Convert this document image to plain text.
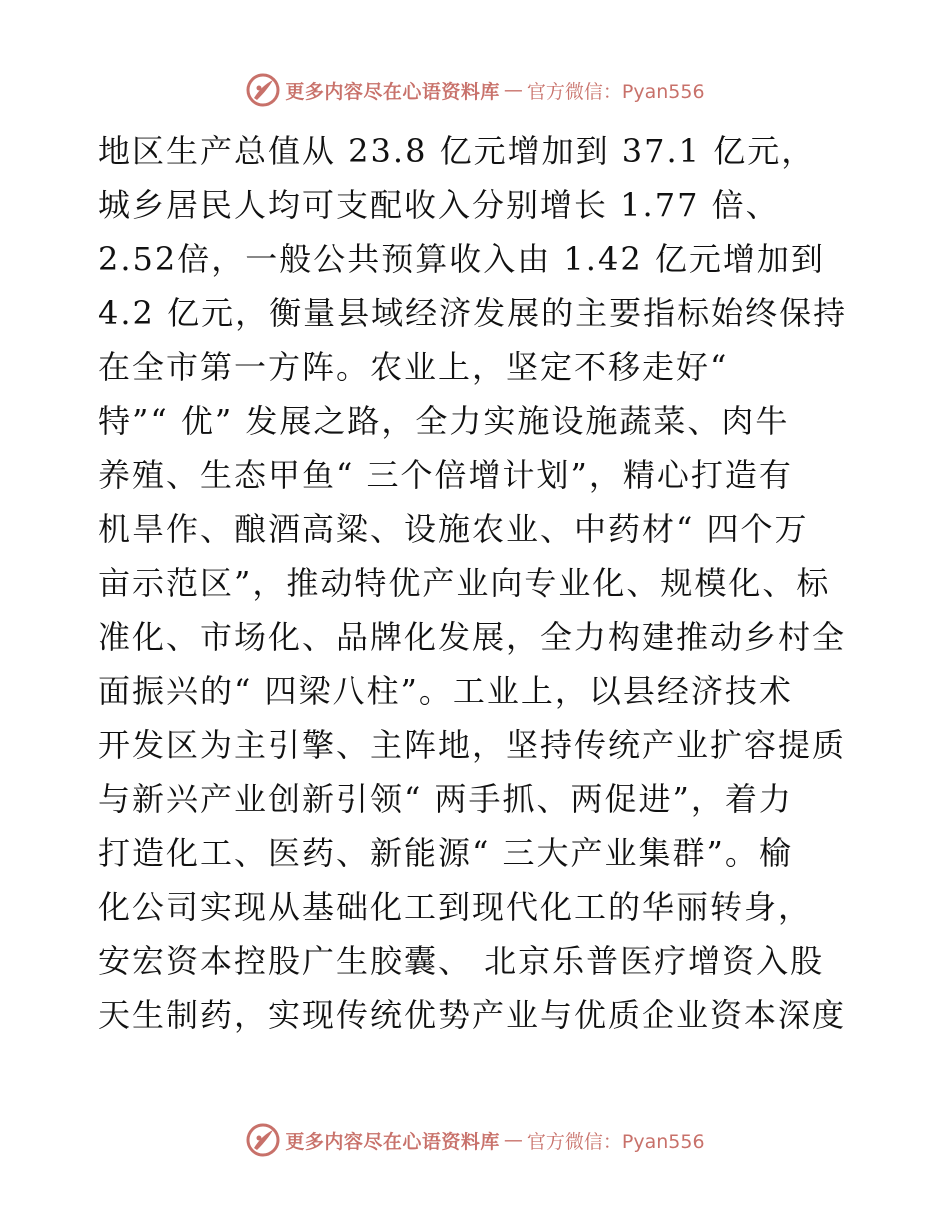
更多内容尽在心语资料库 — 官方微信：Pyan556
地区生产总值从 23.8 亿元增加到 37.1 亿元，
城乡居民人均可支配收入分别增长 1.77 倍、
2.52倍，一般公共预算收入由 1.42 亿元增加到
4.2 亿元，衡量县域经济发展的主要指标始终保持
在全市第一方阵。农业上，坚定不移走好“
特”“ 优” 发展之路，全力实施设施蔬菜、肉牛
养殖、生态甲鱼“ 三个倍增计划”，精心打造有
机旱作、酿酒高粱、设施农业、中药材“ 四个万
亩示范区”，推动特优产业向专业化、规模化、标
准化、市场化、品牌化发展，全力构建推动乡村全
面振兴的“ 四梁八柱”。工业上，以县经济技术
开发区为主引擎、主阵地，坚持传统产业扩容提质
与新兴产业创新引领“ 两手抓、两促进”，着力
打造化工、医药、新能源“ 三大产业集群”。榆
化公司实现从基础化工到现代化工的华丽转身，
安宏资本控股广生胶囊、 北京乐普医疗增资入股
天生制药，实现传统优势产业与优质企业资本深度
更多内容尽在心语资料库 — 官方微信：Pyan556
